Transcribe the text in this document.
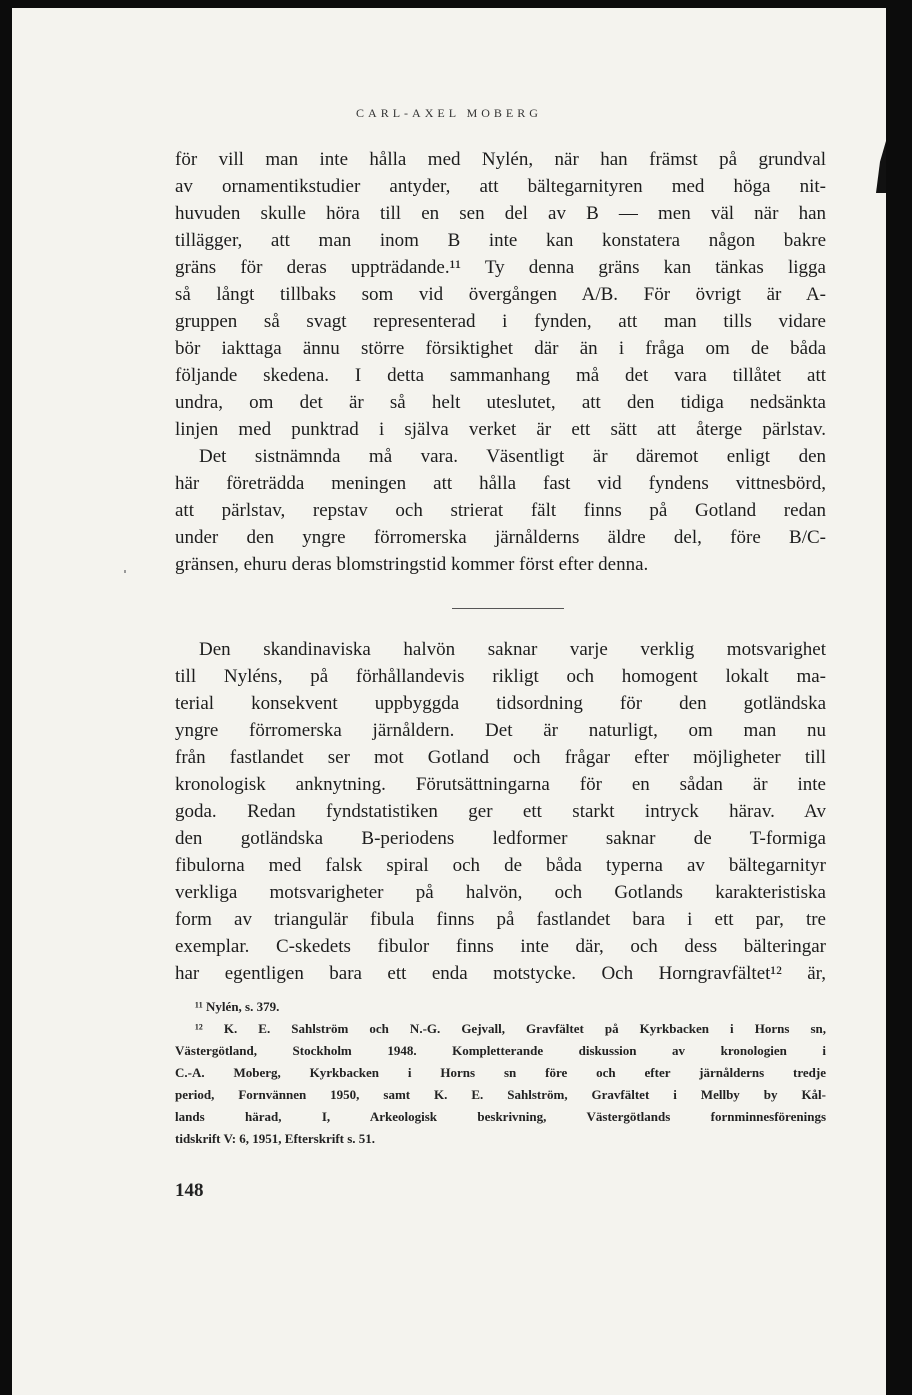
CARL-AXEL MOBERG

för vill man inte hålla med Nylén, när han främst på grundval
av ornamentikstudier antyder, att bältegarnityren med höga nit-
huvuden skulle höra till en sen del av B — men väl när han
tillägger, att man inom B inte kan konstatera någon bakre
gräns för deras uppträdande.¹¹ Ty denna gräns kan tänkas ligga
så långt tillbaks som vid övergången A/B. För övrigt är A-
gruppen så svagt representerad i fynden, att man tills vidare
bör iakttaga ännu större försiktighet där än i fråga om de båda
följande skedena. I detta sammanhang må det vara tillåtet att
undra, om det är så helt uteslutet, att den tidiga nedsänkta
linjen med punktrad i själva verket är ett sätt att återge pärlstav.
Det sistnämnda må vara. Väsentligt är däremot enligt den
här företrädda meningen att hålla fast vid fyndens vittnesbörd,
att pärlstav, repstav och strierat fält finns på Gotland redan
under den yngre förromerska järnålderns äldre del, före B/C-
gränsen, ehuru deras blomstringstid kommer först efter denna.

Den skandinaviska halvön saknar varje verklig motsvarighet
till Nyléns, på förhållandevis rikligt och homogent lokalt ma-
terial konsekvent uppbyggda tidsordning för den gotländska
yngre förromerska järnåldern. Det är naturligt, om man nu
från fastlandet ser mot Gotland och frågar efter möjligheter till
kronologisk anknytning. Förutsättningarna för en sådan är inte
goda. Redan fyndstatistiken ger ett starkt intryck härav. Av
den gotländska B-periodens ledformer saknar de T-formiga
fibulorna med falsk spiral och de båda typerna av bältegarnityr
verkliga motsvarigheter på halvön, och Gotlands karakteristiska
form av triangulär fibula finns på fastlandet bara i ett par, tre
exemplar. C-skedets fibulor finns inte där, och dess bälteringar
har egentligen bara ett enda motstycke. Och Horngravfältet¹² är,

¹¹ Nylén, s. 379.
¹² K. E. Sahlström och N.-G. Gejvall, Gravfältet på Kyrkbacken i Horns sn,
Västergötland, Stockholm 1948. Kompletterande diskussion av kronologien i
C.-A. Moberg, Kyrkbacken i Horns sn före och efter järnålderns tredje
period, Fornvännen 1950, samt K. E. Sahlström, Gravfältet i Mellby by Kål-
lands härad, I, Arkeologisk beskrivning, Västergötlands fornminnesförenings
tidskrift V: 6, 1951, Efterskrift s. 51.

148
